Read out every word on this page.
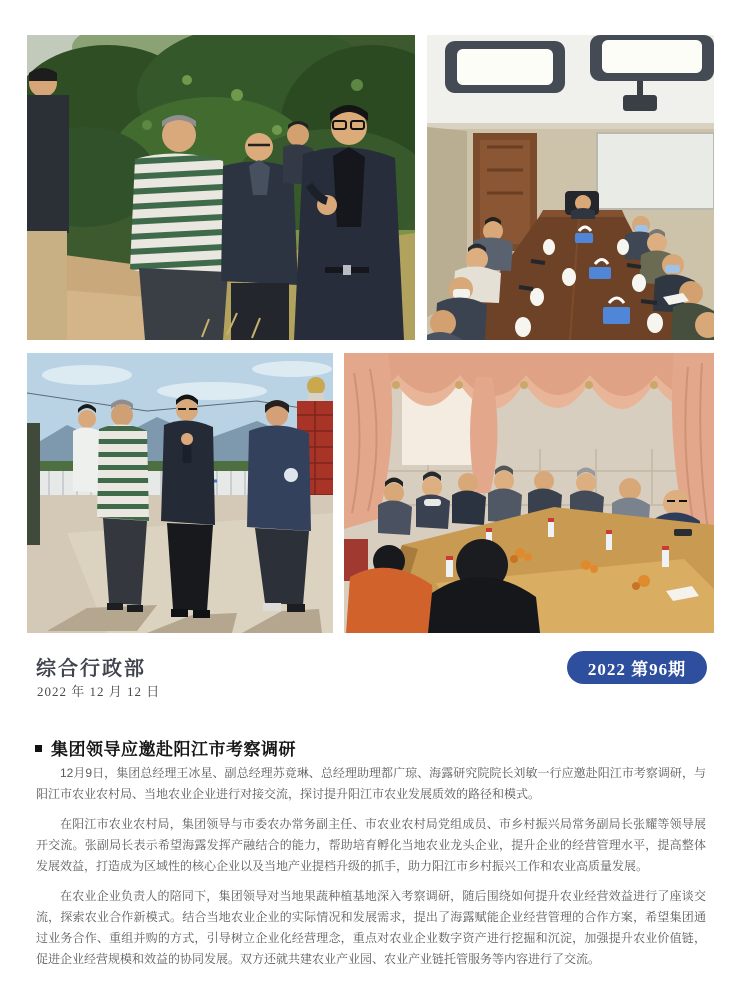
综合行政部
2022 年 12 月 12 日
2022 第96期
集团领导应邀赴阳江市考察调研

12月9日，集团总经理王冰星、副总经理苏竟琳、总经理助理都广琼、海露研究院院长刘敏一行应邀赴阳江市考察调研，与阳江市农业农村局、当地农业企业进行对接交流，探讨提升阳江市农业发展质效的路径和模式。

在阳江市农业农村局，集团领导与市委农办常务副主任、市农业农村局党组成员、市乡村振兴局常务副局长张耀等领导展开交流。张副局长表示希望海露发挥产融结合的能力，帮助培育孵化当地农业龙头企业，提升企业的经营管理水平，提高整体发展效益，打造成为区域性的核心企业以及当地产业提档升级的抓手，助力阳江市乡村振兴工作和农业高质量发展。

在农业企业负责人的陪同下，集团领导对当地果蔬种植基地深入考察调研，随后围绕如何提升农业经营效益进行了座谈交流，探索农业合作新模式。结合当地农业企业的实际情况和发展需求，提出了海露赋能企业经营管理的合作方案，希望集团通过业务合作、重组并购的方式，引导树立企业化经营理念，重点对农业企业数字资产进行挖掘和沉淀，加强提升农业价值链，促进企业经营规模和效益的协同发展。双方还就共建农业产业园、农业产业链托管服务等内容进行了交流。
